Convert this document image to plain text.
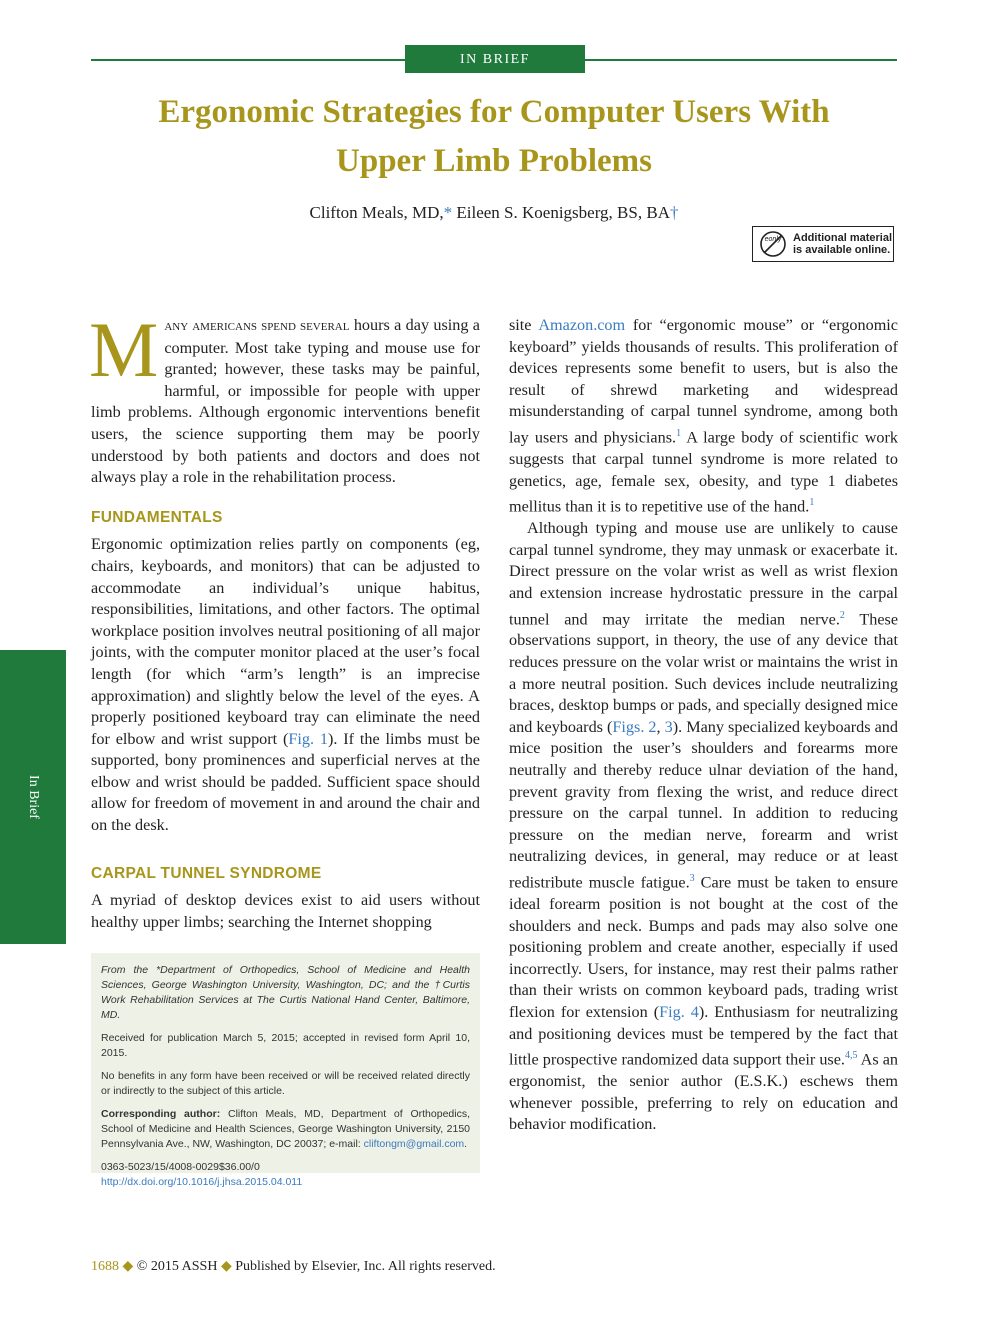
IN BRIEF
Ergonomic Strategies for Computer Users With
Upper Limb Problems
Clifton Meals, MD,* Eileen S. Koenigsberg, BS, BA†
eonly Additional material
is available online.
In Brief

Many americans spend several hours a day using a computer. Most take typing and mouse use for granted; however, these tasks may be painful, harmful, or impossible for people with upper limb problems. Although ergonomic interventions benefit users, the science supporting them may be poorly understood by both patients and doctors and does not always play a role in the rehabilitation process.

FUNDAMENTALS

Ergonomic optimization relies partly on components (eg, chairs, keyboards, and monitors) that can be adjusted to accommodate an individual’s unique habitus, responsibilities, limitations, and other factors. The optimal workplace position involves neutral positioning of all major joints, with the computer monitor placed at the user’s focal length (for which “arm’s length” is an imprecise approximation) and slightly below the level of the eyes. A properly positioned keyboard tray can eliminate the need for elbow and wrist support (Fig. 1). If the limbs must be supported, bony prominences and superficial nerves at the elbow and wrist should be padded. Sufficient space should allow for freedom of movement in and around the chair and on the desk.

CARPAL TUNNEL SYNDROME

A myriad of desktop devices exist to aid users without healthy upper limbs; searching the Internet shopping

site Amazon.com for “ergonomic mouse” or “ergonomic keyboard” yields thousands of results. This proliferation of devices represents some benefit to users, but is also the result of shrewd marketing and widespread misunderstanding of carpal tunnel syndrome, among both lay users and physicians.$^1$ A large body of scientific work suggests that carpal tunnel syndrome is more related to genetics, age, female sex, obesity, and type 1 diabetes mellitus than it is to repetitive use of the hand.$^1$

Although typing and mouse use are unlikely to cause carpal tunnel syndrome, they may unmask or exacerbate it. Direct pressure on the volar wrist as well as wrist flexion and extension increase hydrostatic pressure in the carpal tunnel and may irritate the median nerve.$^2$ These observations support, in theory, the use of any device that reduces pressure on the volar wrist or maintains the wrist in a more neutral position. Such devices include neutralizing braces, desktop bumps or pads, and specially designed mice and keyboards (Figs. 2, 3). Many specialized keyboards and mice position the user’s shoulders and forearms more neutrally and thereby reduce ulnar deviation of the hand, prevent gravity from flexing the wrist, and reduce direct pressure on the carpal tunnel. In addition to reducing pressure on the median nerve, forearm and wrist neutralizing devices, in general, may reduce or at least redistribute muscle fatigue.$^3$ Care must be taken to ensure ideal forearm position is not bought at the cost of the shoulders and neck. Bumps and pads may also solve one positioning problem and create another, especially if used incorrectly. Users, for instance, may rest their palms rather than their wrists on common keyboard pads, trading wrist flexion for extension (Fig. 4). Enthusiasm for neutralizing and positioning devices must be tempered by the fact that little prospective randomized data support their use.$^{4,5}$ As an ergonomist, the senior author (E.S.K.) eschews them whenever possible, preferring to rely on education and behavior modification.

From the *Department of Orthopedics, School of Medicine and Health Sciences, George Washington University, Washington, DC; and the †Curtis Work Rehabilitation Services at The Curtis National Hand Center, Baltimore, MD.

Received for publication March 5, 2015; accepted in revised form April 10, 2015.

No benefits in any form have been received or will be received related directly or indirectly to the subject of this article.

Corresponding author: Clifton Meals, MD, Department of Orthopedics, School of Medicine and Health Sciences, George Washington University, 2150 Pennsylvania Ave., NW, Washington, DC 20037; e-mail: cliftongm@gmail.com.

0363-5023/15/4008-0029$36.00/0
http://dx.doi.org/10.1016/j.jhsa.2015.04.011

1688 ◆ © 2015 ASSH ◆ Published by Elsevier, Inc. All rights reserved.
